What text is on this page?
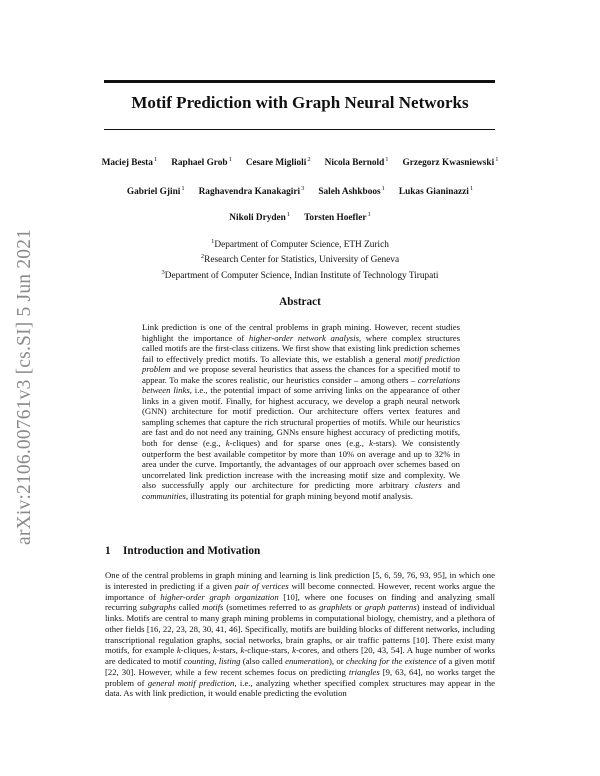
arXiv:2106.00761v3 [cs.SI] 5 Jun 2021
Motif Prediction with Graph Neural Networks
Maciej Besta$^1$ Raphael Grob$^1$ Cesare Miglioli$^2$ Nicola Bernold$^1$ Grzegorz Kwasniewski$^1$
Gabriel Gjini$^1$ Raghavendra Kanakagiri$^3$ Saleh Ashkboos$^1$ Lukas Gianinazzi$^1$
Nikoli Dryden$^1$ Torsten Hoefler$^1$
$^1$Department of Computer Science, ETH Zurich
$^2$Research Center for Statistics, University of Geneva
$^3$Department of Computer Science, Indian Institute of Technology Tirupati
Abstract

Link prediction is one of the central problems in graph mining. However, recent studies highlight the importance of higher-order network analysis, where complex structures called motifs are the first-class citizens. We first show that existing link prediction schemes fail to effectively predict motifs. To alleviate this, we establish a general motif prediction problem and we propose several heuristics that assess the chances for a specified motif to appear. To make the scores realistic, our heuristics consider – among others – correlations between links, i.e., the potential impact of some arriving links on the appearance of other links in a given motif. Finally, for highest accuracy, we develop a graph neural network (GNN) architecture for motif prediction. Our architecture offers vertex features and sampling schemes that capture the rich structural properties of motifs. While our heuristics are fast and do not need any training, GNNs ensure highest accuracy of predicting motifs, both for dense (e.g., k-cliques) and for sparse ones (e.g., k-stars). We consistently outperform the best available competitor by more than 10% on average and up to 32% in area under the curve. Importantly, the advantages of our approach over schemes based on uncorrelated link prediction increase with the increasing motif size and complexity. We also successfully apply our architecture for predicting more arbitrary clusters and communities, illustrating its potential for graph mining beyond motif analysis.

1 Introduction and Motivation

One of the central problems in graph mining and learning is link prediction [5, 6, 59, 76, 93, 95], in which one is interested in predicting if a given pair of vertices will become connected. However, recent works argue the importance of higher-order graph organization [10], where one focuses on finding and analyzing small recurring subgraphs called motifs (sometimes referred to as graphlets or graph patterns) instead of individual links. Motifs are central to many graph mining problems in computational biology, chemistry, and a plethora of other fields [16, 22, 23, 28, 30, 41, 46]. Specifically, motifs are building blocks of different networks, including transcriptional regulation graphs, social networks, brain graphs, or air traffic patterns [10]. There exist many motifs, for example k-cliques, k-stars, k-clique-stars, k-cores, and others [20, 43, 54]. A huge number of works are dedicated to motif counting, listing (also called enumeration), or checking for the existence of a given motif [22, 30]. However, while a few recent schemes focus on predicting triangles [9, 63, 64], no works target the problem of general motif prediction, i.e., analyzing whether specified complex structures may appear in the data. As with link prediction, it would enable predicting the evolution
